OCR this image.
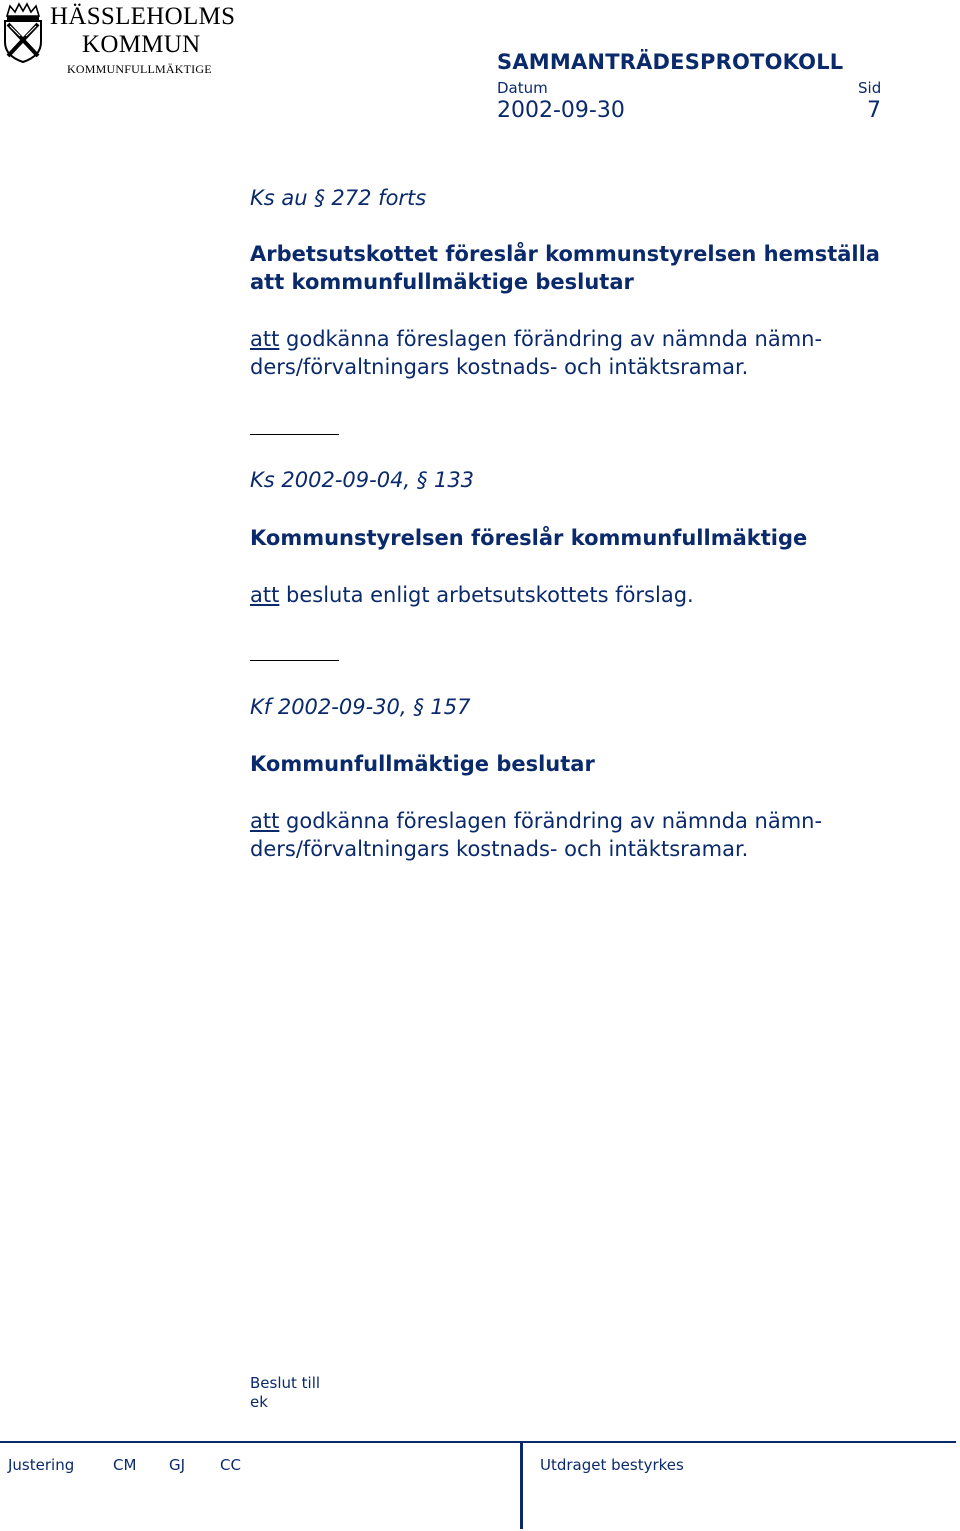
HÄSSLEHOLMS
KOMMUN
KOMMUNFULLMÄKTIGE	SAMMANTRÄDESPROTOKOLL
Datum	Sid
2002-09-30	7
Ks au § 272 forts
Arbetsutskottet föreslår kommunstyrelsen hemställa
att kommunfullmäktige beslutar
att godkänna föreslagen förändring av nämnda nämn-
ders/förvaltningars kostnads- och intäktsramar.
Ks 2002-09-04, § 133
Kommunstyrelsen föreslår kommunfullmäktige
att besluta enligt arbetsutskottets förslag.
Kf 2002-09-30, § 157
Kommunfullmäktige beslutar
att godkänna föreslagen förändring av nämnda nämn-
ders/förvaltningars kostnads- och intäktsramar.
Beslut till
ek
Justering	CM GJ CC	Utdraget bestyrkes
